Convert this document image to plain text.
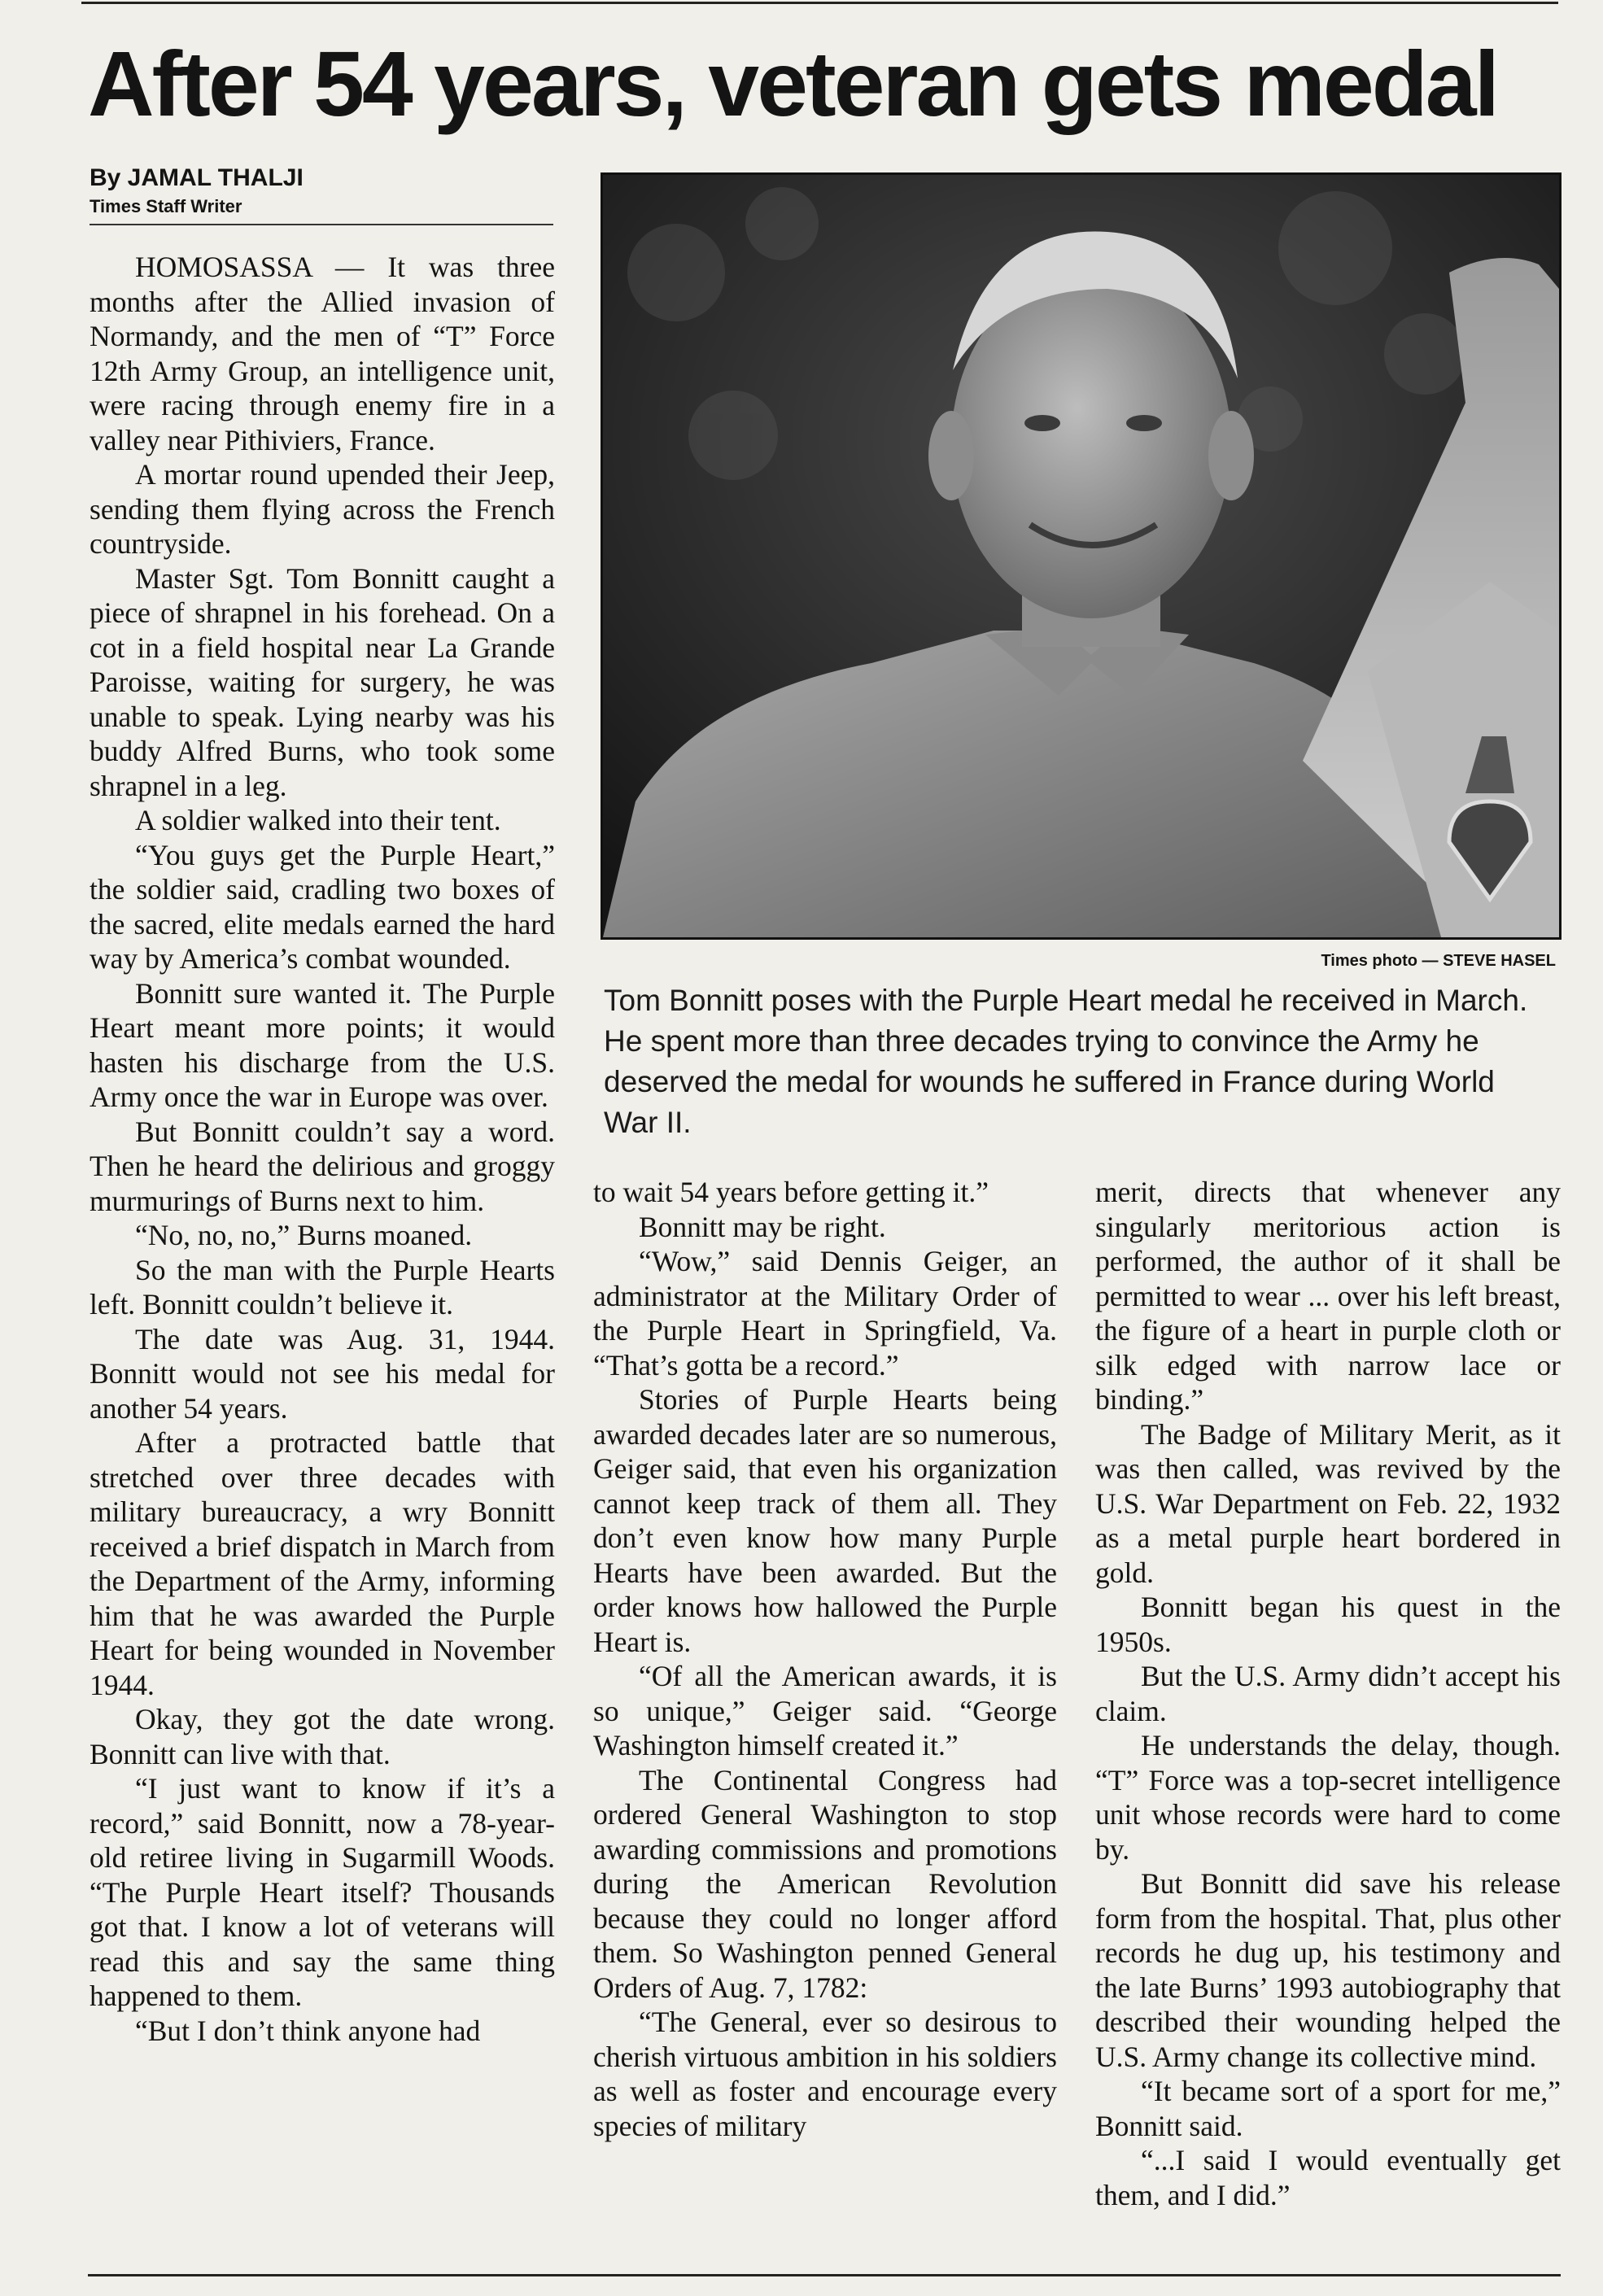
After 54 years, veteran gets medal
By JAMAL THALJI
Times Staff Writer

HOMOSASSA — It was three months after the Allied invasion of Normandy, and the men of “T” Force 12th Army Group, an intelligence unit, were racing through enemy fire in a valley near Pithiviers, France.

A mortar round upended their Jeep, sending them flying across the French countryside.

Master Sgt. Tom Bonnitt caught a piece of shrapnel in his forehead. On a cot in a field hospital near La Grande Paroisse, waiting for surgery, he was unable to speak. Lying nearby was his buddy Alfred Burns, who took some shrapnel in a leg.

A soldier walked into their tent.

“You guys get the Purple Heart,” the soldier said, cradling two boxes of the sacred, elite medals earned the hard way by America’s combat wounded.

Bonnitt sure wanted it. The Purple Heart meant more points; it would hasten his discharge from the U.S. Army once the war in Europe was over.

But Bonnitt couldn’t say a word. Then he heard the delirious and groggy murmurings of Burns next to him.

“No, no, no,” Burns moaned.

So the man with the Purple Hearts left. Bonnitt couldn’t believe it.

The date was Aug. 31, 1944. Bonnitt would not see his medal for another 54 years.

After a protracted battle that stretched over three decades with military bureaucracy, a wry Bonnitt received a brief dispatch in March from the Department of the Army, informing him that he was awarded the Purple Heart for being wounded in November 1944.

Okay, they got the date wrong. Bonnitt can live with that.

“I just want to know if it’s a record,” said Bonnitt, now a 78-year-old retiree living in Sugarmill Woods. “The Purple Heart itself? Thousands got that. I know a lot of veterans will read this and say the same thing happened to them.

“But I don’t think anyone had

Times photo — STEVE HASEL
Tom Bonnitt poses with the Purple Heart medal he received in March. He spent more than three decades trying to convince the Army he deserved the medal for wounds he suffered in France during World War II.

to wait 54 years before getting it.”

Bonnitt may be right.

“Wow,” said Dennis Geiger, an administrator at the Military Order of the Purple Heart in Springfield, Va. “That’s gotta be a record.”

Stories of Purple Hearts being awarded decades later are so numerous, Geiger said, that even his organization cannot keep track of them all. They don’t even know how many Purple Hearts have been awarded. But the order knows how hallowed the Purple Heart is.

“Of all the American awards, it is so unique,” Geiger said. “George Washington himself created it.”

The Continental Congress had ordered General Washington to stop awarding commissions and promotions during the American Revolution because they could no longer afford them. So Washington penned General Orders of Aug. 7, 1782:

“The General, ever so desirous to cherish virtuous ambition in his soldiers as well as foster and encourage every species of military

merit, directs that whenever any singularly meritorious action is performed, the author of it shall be permitted to wear ... over his left breast, the figure of a heart in purple cloth or silk edged with narrow lace or binding.”

The Badge of Military Merit, as it was then called, was revived by the U.S. War Department on Feb. 22, 1932 as a metal purple heart bordered in gold.

Bonnitt began his quest in the 1950s.

But the U.S. Army didn’t accept his claim.

He understands the delay, though. “T” Force was a top-secret intelligence unit whose records were hard to come by.

But Bonnitt did save his release form from the hospital. That, plus other records he dug up, his testimony and the late Burns’ 1993 autobiography that described their wounding helped the U.S. Army change its collective mind.

“It became sort of a sport for me,” Bonnitt said.

“...I said I would eventually get them, and I did.”
